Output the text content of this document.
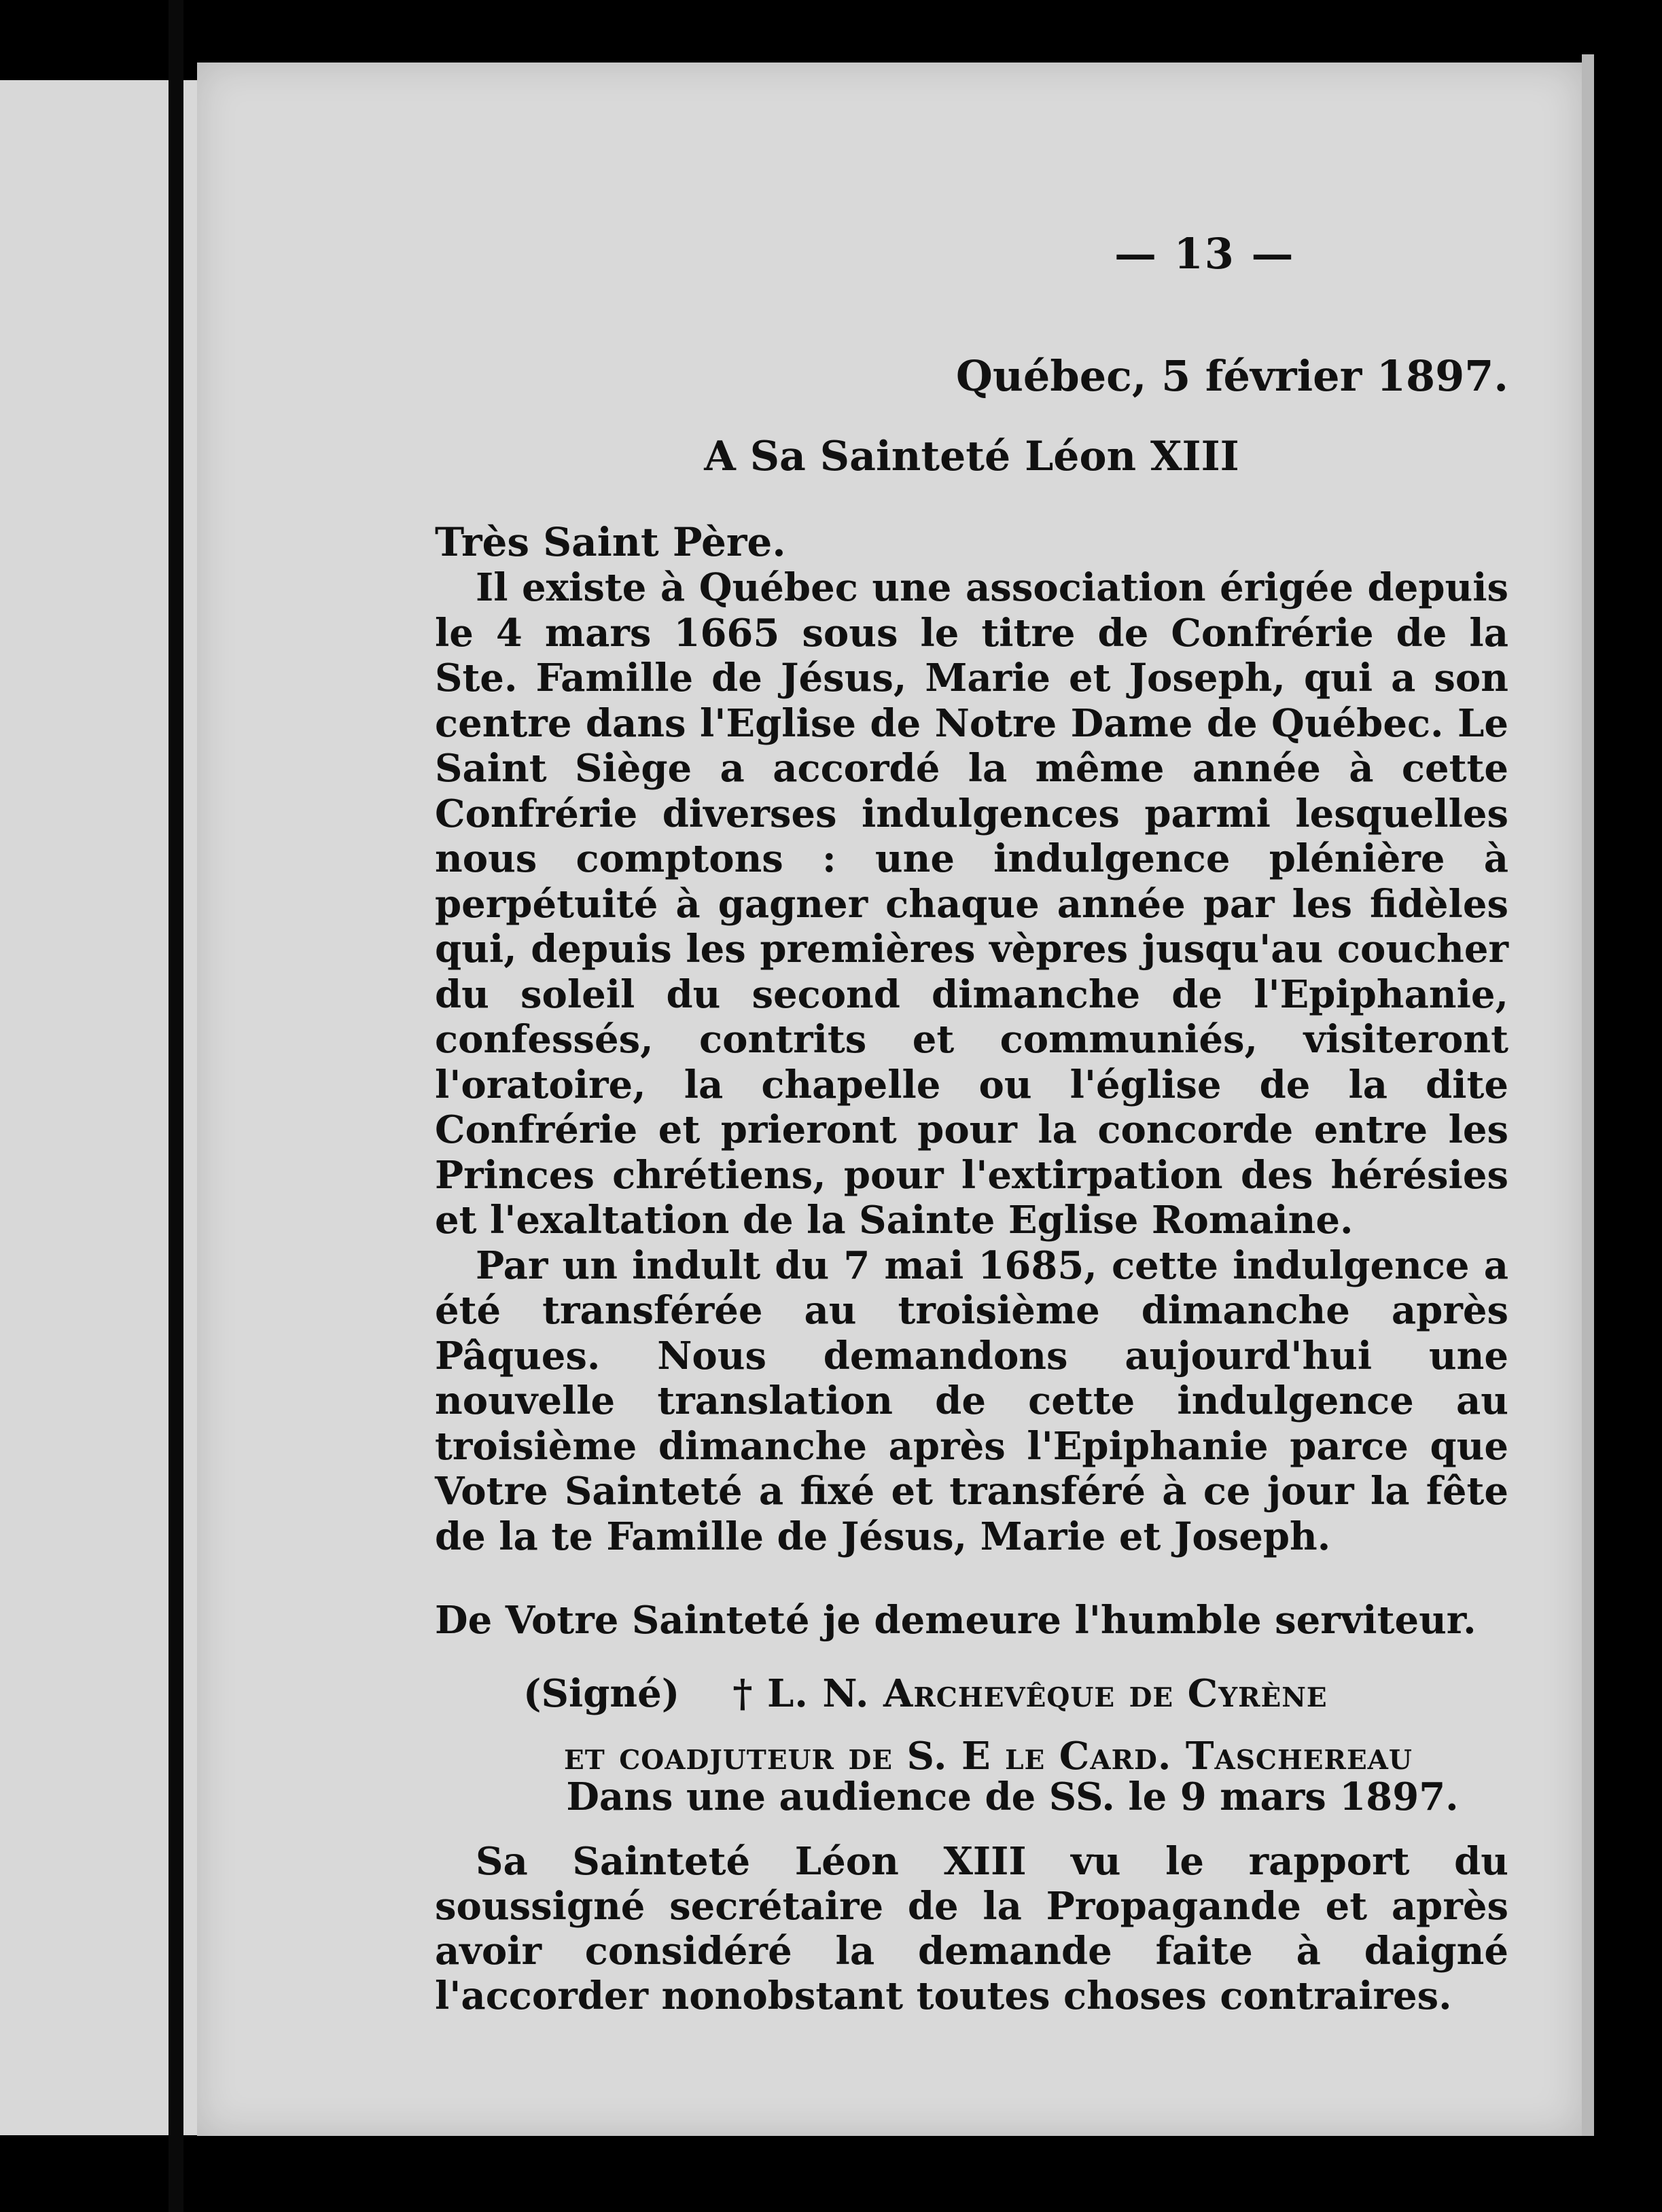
— 13 —
Québec, 5 février 1897.
A Sa Sainteté Léon XIII
Très Saint Père.

Il existe à Québec une association érigée depuis le 4 mars 1665 sous le titre de Confrérie de la Ste. Famille de Jésus, Marie et Joseph, qui a son centre dans l'Eglise de Notre Dame de Québec. Le Saint Siège a accordé la même année à cette Confrérie diverses indulgences parmi lesquelles nous comptons : une indulgence plénière à perpétuité à gagner chaque année par les fidèles qui, depuis les premières vèpres jusqu'au coucher du soleil du second dimanche de l'Epiphanie, confessés, contrits et communiés, visiteront l'oratoire, la chapelle ou l'église de la dite Confrérie et prieront pour la concorde entre les Princes chrétiens, pour l'extirpation des hérésies et l'exaltation de la Sainte Eglise Romaine.

Par un indult du 7 mai 1685, cette indulgence a été transférée au troisième dimanche après Pâques. Nous demandons aujourd'hui une nouvelle translation de cette indulgence au troisième dimanche après l'Epiphanie parce que Votre Sainteté a fixé et transféré à ce jour la fête de la te Famille de Jésus, Marie et Joseph.

De Votre Sainteté je demeure l'humble serviteur.
(Signé) † L. N. Archevêque de Cyrène
et coadjuteur de S. E le Card. Taschereau
Dans une audience de SS. le 9 mars 1897.

Sa Sainteté Léon XIII vu le rapport du soussigné secrétaire de la Propagande et après avoir considéré la demande faite à daigné l'accorder nonobstant toutes choses contraires.
